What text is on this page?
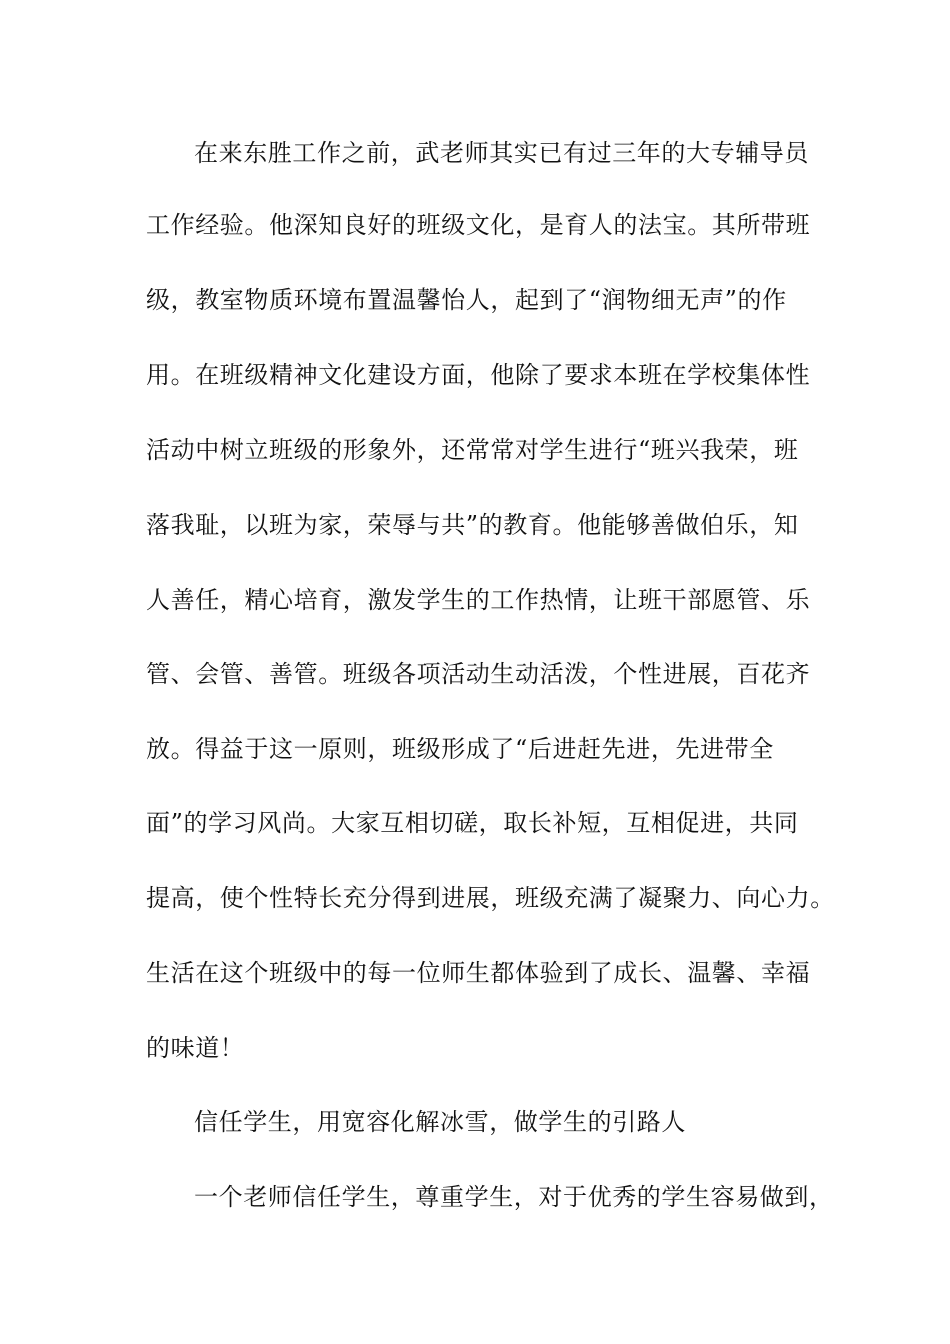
在来东胜工作之前，武老师其实已有过三年的大专辅导员
工作经验。他深知良好的班级文化，是育人的法宝。其所带班
级，教室物质环境布置温馨怡人，起到了“润物细无声”的作
用。在班级精神文化建设方面，他除了要求本班在学校集体性
活动中树立班级的形象外，还常常对学生进行“班兴我荣，班
落我耻，以班为家，荣辱与共”的教育。他能够善做伯乐，知
人善任，精心培育，激发学生的工作热情，让班干部愿管、乐
管、会管、善管。班级各项活动生动活泼，个性进展，百花齐
放。得益于这一原则，班级形成了“后进赶先进，先进带全
面”的学习风尚。大家互相切磋，取长补短，互相促进，共同
提高，使个性特长充分得到进展，班级充满了凝聚力、向心力。
生活在这个班级中的每一位师生都体验到了成长、温馨、幸福
的味道！
信任学生，用宽容化解冰雪，做学生的引路人
一个老师信任学生，尊重学生，对于优秀的学生容易做到，
